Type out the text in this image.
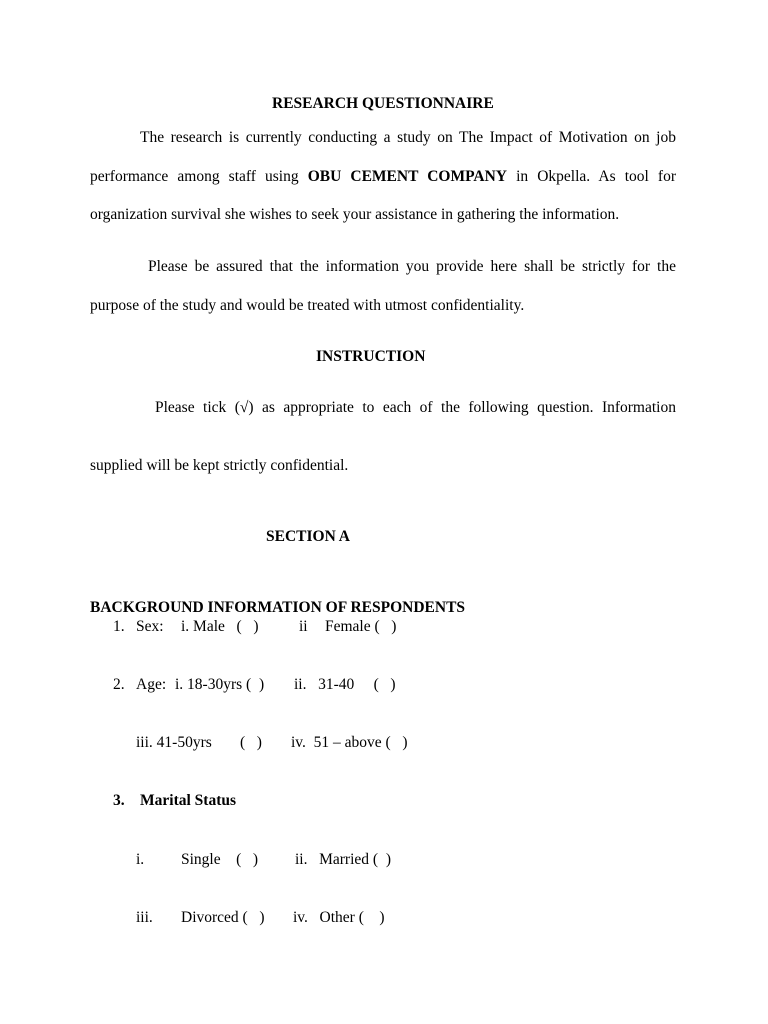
RESEARCH QUESTIONNAIRE
The research is currently conducting a study on The Impact of Motivation on job
performance among staff using OBU CEMENT COMPANY in Okpella. As tool for
organization survival she wishes to seek your assistance in gathering the information.
Please be assured that the information you provide here shall be strictly for the
purpose of the study and would be treated with utmost confidentiality.
INSTRUCTION
Please tick (√) as appropriate to each of the following question. Information
supplied will be kept strictly confidential.
SECTION A
BACKGROUND INFORMATION OF RESPONDENTS
1. Sex: i. Male   (   )	ii Female (   )
2. Age: i. 18-30yrs (  ) ii.   31-40     (   )
iii. 41-50yrs (   ) iv.  51 – above (   )
3. Marital Status
i. Single    (   ) ii.   Married (  )
iii. Divorced (   ) iv.   Other (    )
